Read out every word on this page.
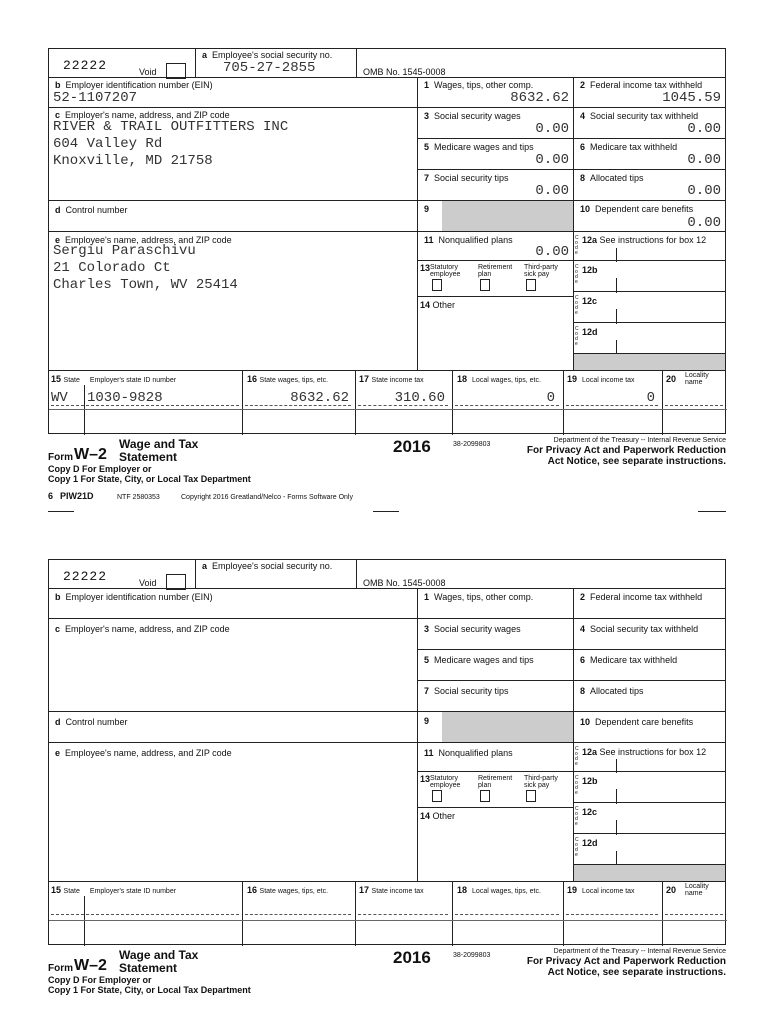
22222	Void
a Employee's social security no.
705-27-2855	OMB No. 1545-0008
b Employer identification number (EIN)
52-1107207
1 Wages, tips, other comp.
8632.62
2 Federal income tax withheld
1045.59
c Employer's name, address, and ZIP code
RIVER & TRAIL OUTFITTERS INC
604 Valley Rd
Knoxville, MD 21758
3 Social security wages
0.00
4 Social security tax withheld
0.00
5 Medicare wages and tips
0.00
6 Medicare tax withheld
0.00
7 Social security tips
0.00
8 Allocated tips
0.00
d Control number	9	10 Dependent care benefits
0.00
e Employee's name, address, and ZIP code
Sergiu Paraschivu
21 Colorado Ct
Charles Town, WV 25414
11 Nonqualified plans
0.00
13 Statutory employee
Retirement plan
Third-party sick pay
14 Other
12a See instructions for box 12
Code
12b
Code
12c
Code
12d
Code
15 State Employer's state ID number	16 State wages, tips, etc.	17 State income tax	18 Local wages, tips, etc.	19 Local income tax	20 Locality name
WV 1030-9828	8632.62	310.60	0	0
Wage and Tax
Statement
Form W–2	2016	38-2099803
Department of the Treasury -- Internal Revenue Service
For Privacy Act and Paperwork Reduction
Act Notice, see separate instructions.
Copy D For Employer or
Copy 1 For State, City, or Local Tax Department
6 PIW21D	NTF 2580353	Copyright 2016 Greatland/Nelco - Forms Software Only
22222	Void
a Employee's social security no.
OMB No. 1545-0008
b Employer identification number (EIN)	1 Wages, tips, other comp.	2 Federal income tax withheld
c Employer's name, address, and ZIP code	3 Social security wages	4 Social security tax withheld
5 Medicare wages and tips	6 Medicare tax withheld
7 Social security tips	8 Allocated tips
d Control number	9	10 Dependent care benefits
e Employee's name, address, and ZIP code	11 Nonqualified plans
13 Statutory employee
Retirement plan
Third-party sick pay
14 Other
12a See instructions for box 12
Code
12b
Code
12c
Code
12d
Code
15 State Employer's state ID number	16 State wages, tips, etc.	17 State income tax	18 Local wages, tips, etc.	19 Local income tax	20 Locality name
Wage and Tax
Statement
Form W–2	2016	38-2099803
Department of the Treasury -- Internal Revenue Service
For Privacy Act and Paperwork Reduction
Act Notice, see separate instructions.
Copy D For Employer or
Copy 1 For State, City, or Local Tax Department
